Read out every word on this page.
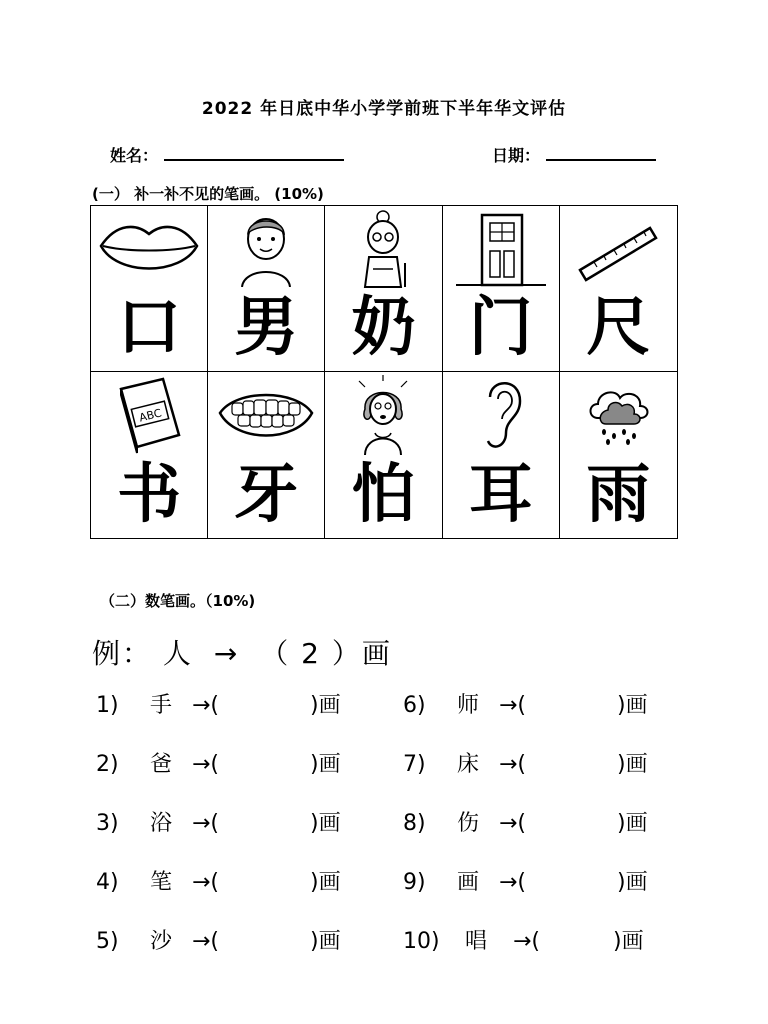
2022 年日底中华小学学前班下半年华文评估
姓名：	日期：
(一） 补一补不见的笔画。 (10%)
口 男 奶 门 尺
ABC
书 牙 怕 耳 雨
（二）数笔画。（10%)
例： 人 → （ 2 ）画
1) 手 →(	)画	6) 师 →(	)画
2) 爸 →(	)画	7) 床 →(	)画
3) 浴 →(	)画	8) 伤 →(	)画
4) 笔 →(	)画	9) 画 →(	)画
5) 沙 →(	)画	10) 唱 →(	)画
